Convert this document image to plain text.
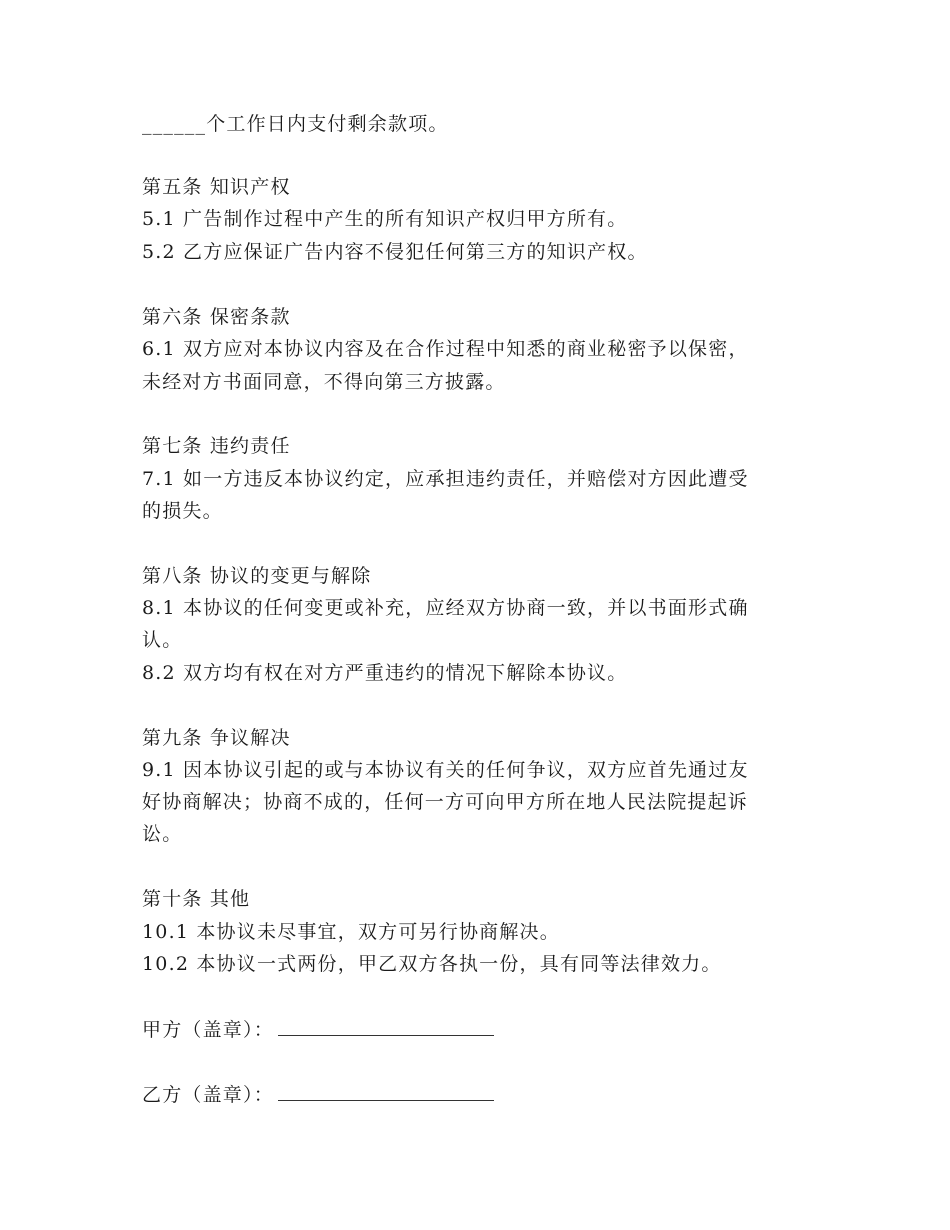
______个工作日内支付剩余款项。
第五条 知识产权
5.1 广告制作过程中产生的所有知识产权归甲方所有。
5.2 乙方应保证广告内容不侵犯任何第三方的知识产权。
第六条 保密条款
6.1 双方应对本协议内容及在合作过程中知悉的商业秘密予以保密，
未经对方书面同意，不得向第三方披露。
第七条 违约责任
7.1 如一方违反本协议约定，应承担违约责任，并赔偿对方因此遭受
的损失。
第八条 协议的变更与解除
8.1 本协议的任何变更或补充，应经双方协商一致，并以书面形式确
认。
8.2 双方均有权在对方严重违约的情况下解除本协议。
第九条 争议解决
9.1 因本协议引起的或与本协议有关的任何争议，双方应首先通过友
好协商解决；协商不成的，任何一方可向甲方所在地人民法院提起诉
讼。
第十条 其他
10.1 本协议未尽事宜，双方可另行协商解决。
10.2 本协议一式两份，甲乙双方各执一份，具有同等法律效力。
甲方（盖章）：
乙方（盖章）：
